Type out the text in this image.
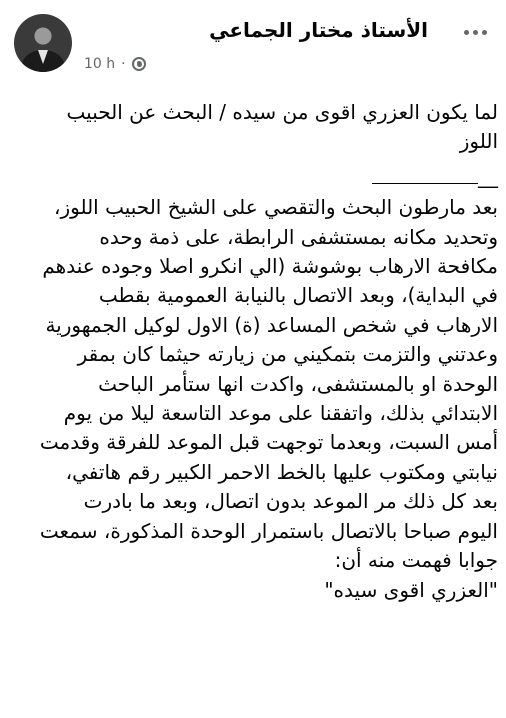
الأستاذ مختار الجماعي
10 h ·
لما يكون العزري اقوى من سيده / البحث عن الحبيب
اللوز
__
بعد مارطون البحث والتقصي على الشيخ الحبيب اللوز،
وتحديد مكانه بمستشفى الرابطة، على ذمة وحده
مكافحة الارهاب بوشوشة (الي انكرو اصلا وجوده عندهم
في البداية)، وبعد الاتصال بالنيابة العمومية بقطب
الارهاب في شخص المساعد (ة) الاول لوكيل الجمهورية
وعدتني والتزمت بتمكيني من زيارته حيثما كان بمقر
الوحدة او بالمستشفى، واكدت انها ستأمر الباحث
الابتدائي بذلك، واتفقنا على موعد التاسعة ليلا من يوم
أمس السبت، وبعدما توجهت قبل الموعد للفرقة وقدمت
نيابتي ومكتوب عليها بالخط الاحمر الكبير رقم هاتفي،
بعد كل ذلك مر الموعد بدون اتصال، وبعد ما بادرت
اليوم صباحا بالاتصال باستمرار الوحدة المذكورة، سمعت
جوابا فهمت منه أن:
"العزري اقوى سيده"
